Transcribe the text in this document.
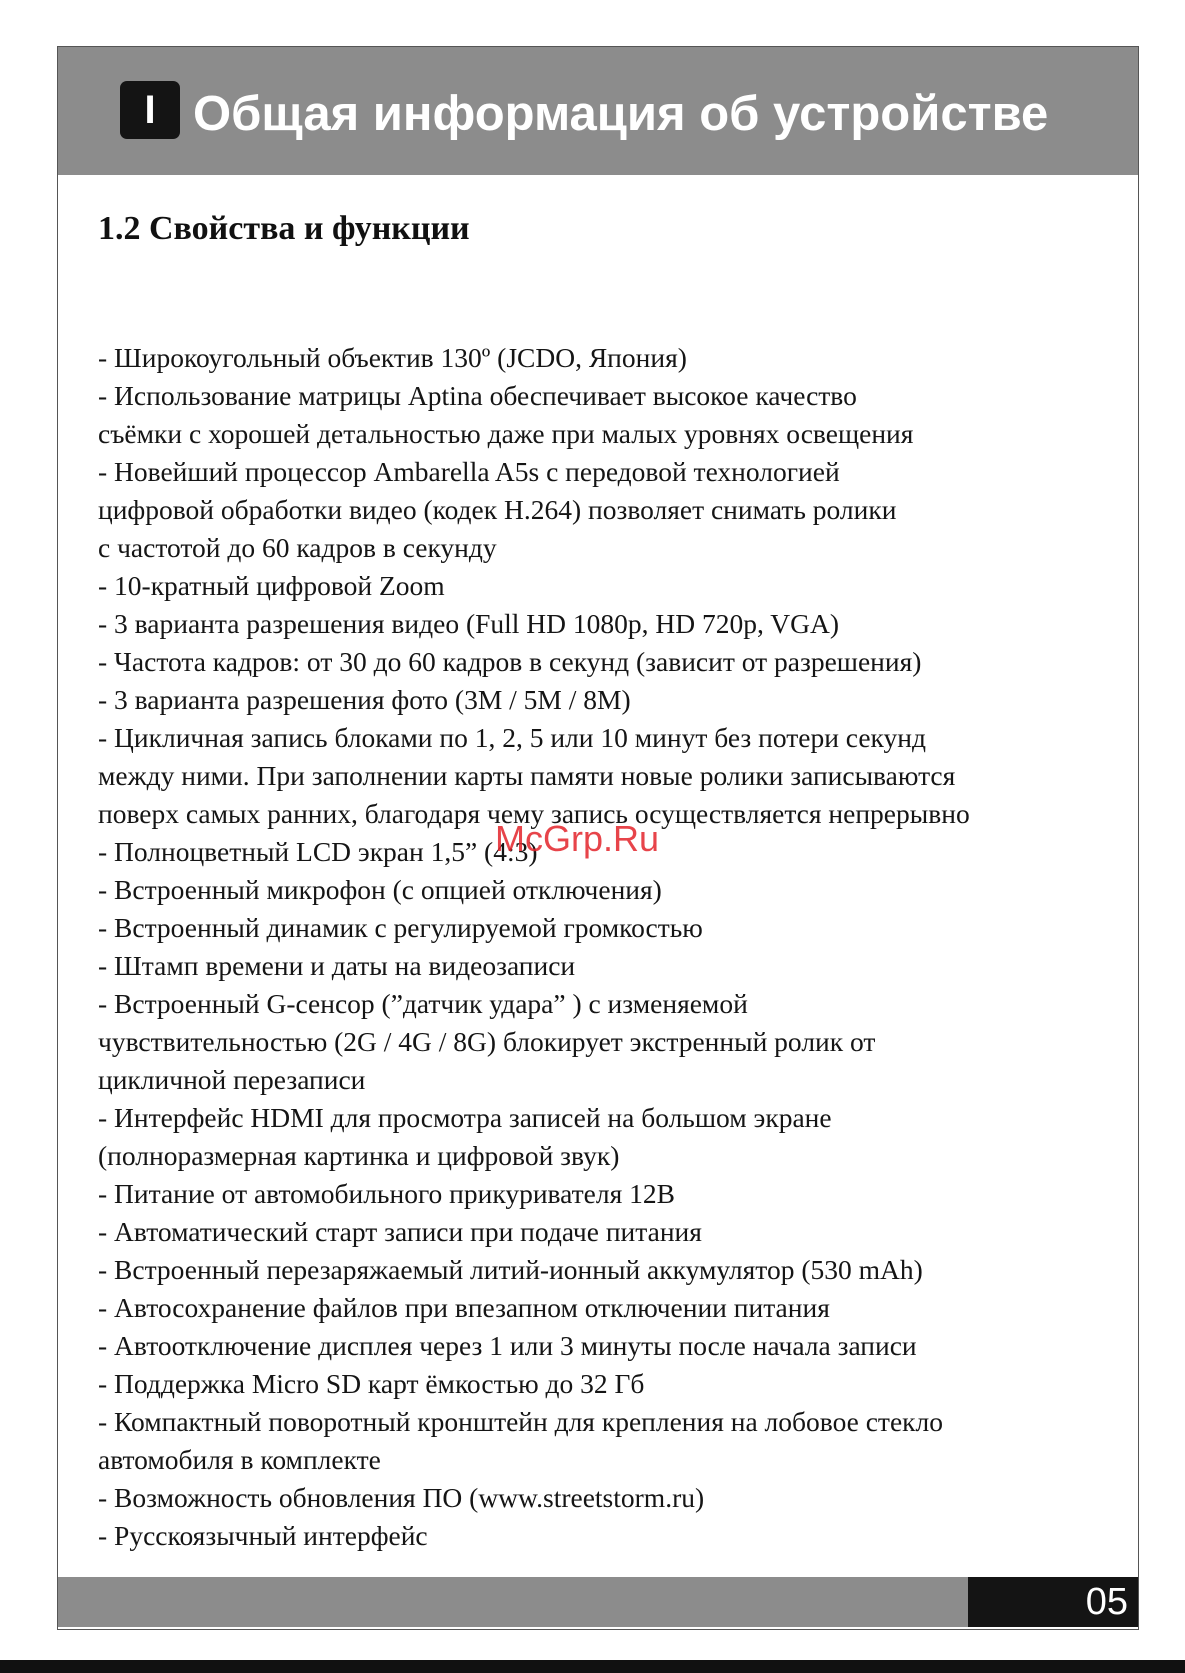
I Общая информация об устройстве
1.2 Свойства и функции
- Широкоугольный объектив 130º (JCDO, Япония)
- Использование матрицы Aptina обеспечивает высокое качество
съёмки с хорошей детальностью даже при малых уровнях освещения
- Новейший процессор Ambarella A5s с передовой технологией
цифровой обработки видео (кодек H.264) позволяет снимать ролики
с частотой до 60 кадров в секунду
- 10-кратный цифровой Zoom
- 3 варианта разрешения видео (Full HD 1080p, HD 720p, VGA)
- Частота кадров: от 30 до 60 кадров в секунд (зависит от разрешения)
- 3 варианта разрешения фото (3M / 5M / 8M)
- Цикличная запись блоками по 1, 2, 5 или 10 минут без потери секунд
между ними. При заполнении карты памяти новые ролики записываются
поверх самых ранних, благодаря чему запись осуществляется непрерывно
- Полноцветный LCD экран 1,5” (4:3)
- Встроенный микрофон (с опцией отключения)
- Встроенный динамик с регулируемой громкостью
- Штамп времени и даты на видеозаписи
- Встроенный G-сенсор (”датчик удара” ) с изменяемой
чувствительностью (2G / 4G / 8G) блокирует экстренный ролик от
цикличной перезаписи
- Интерфейс HDMI для просмотра записей на большом экране
(полноразмерная картинка и цифровой звук)
- Питание от автомобильного прикуривателя 12В
- Автоматический старт записи при подаче питания
- Встроенный перезаряжаемый литий-ионный аккумулятор (530 mAh)
- Автосохранение файлов при впезапном отключении питания
- Автоотключение дисплея через 1 или 3 минуты после начала записи
- Поддержка Micro SD карт ёмкостью до 32 Гб
- Компактный поворотный кронштейн для крепления на лобовое стекло
автомобиля в комплекте
- Возможность обновления ПО (www.streetstorm.ru)
- Русскоязычный интерфейс
05
McGrp.Ru
